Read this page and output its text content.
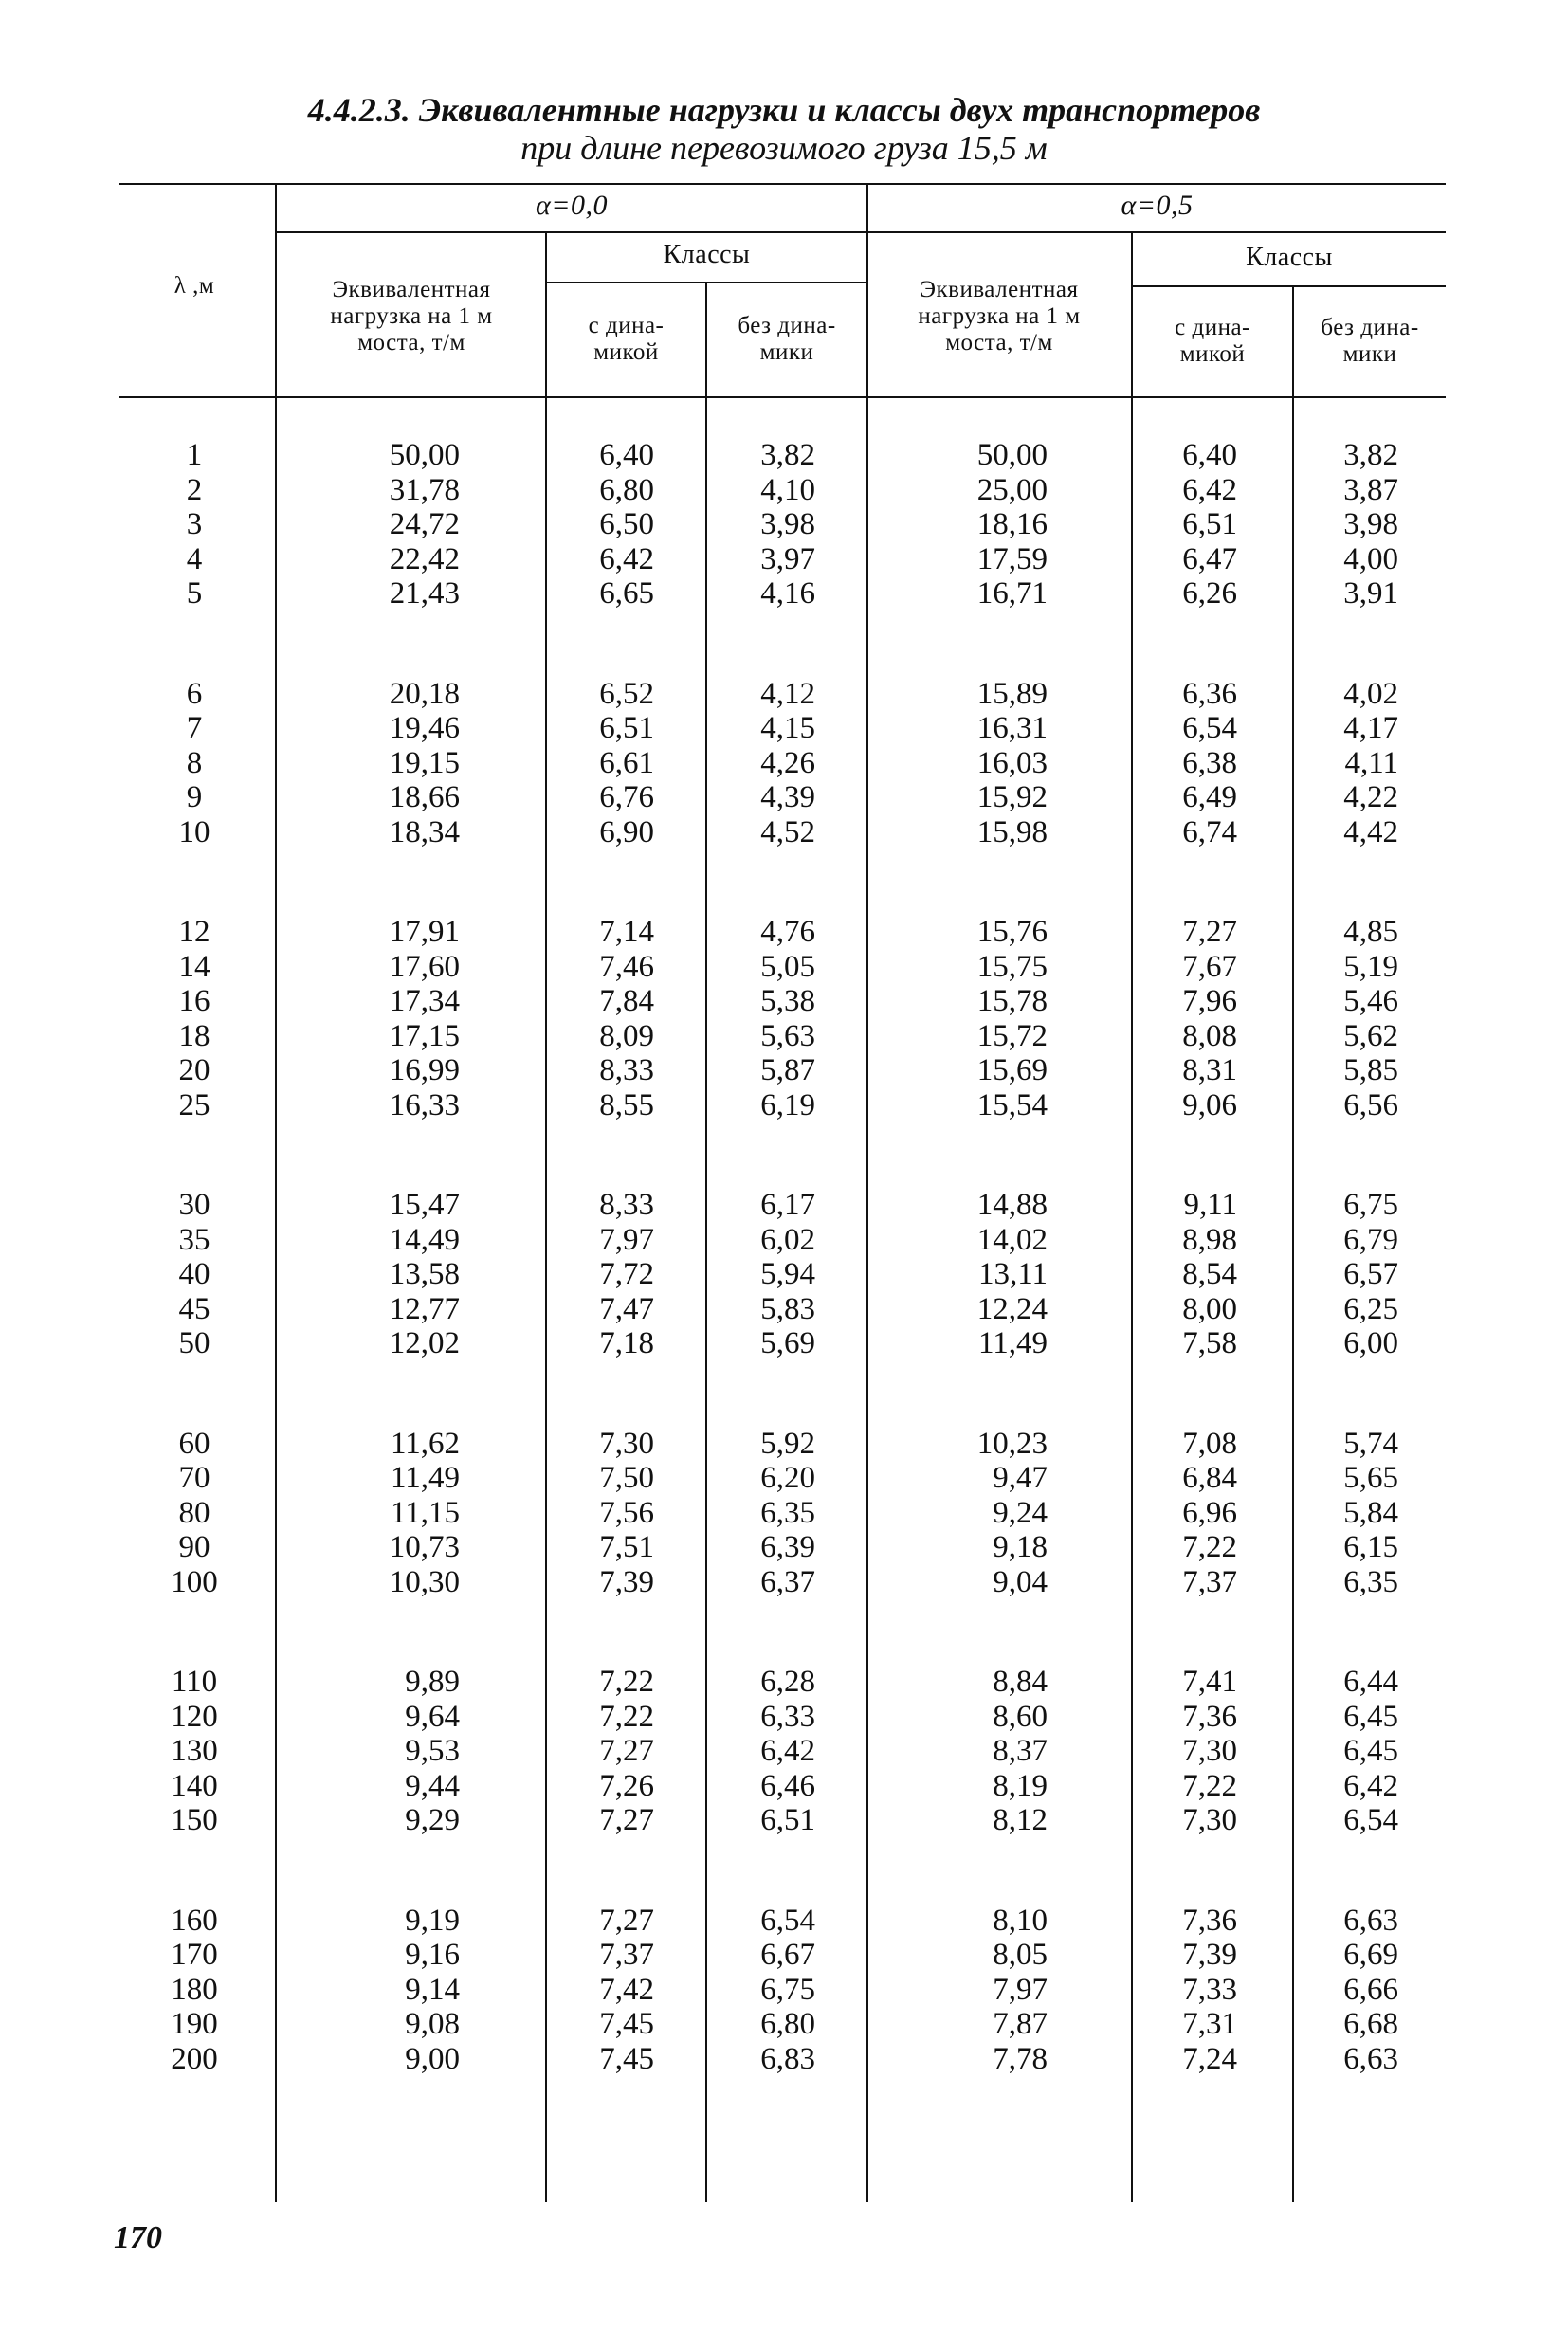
4.4.2.3. Эквивалентные нагрузки и классы двух транспортеров
при длине перевозимого груза 15,5 м
λ ,м
α=0,0	α=0,5
Эквивалентная
нагрузка на 1 м
моста, т/м
Эквивалентная
нагрузка на 1 м
моста, т/м
Классы	Классы
с дина-
микой
без дина-
мики
с дина-
микой
без дина-
мики
1
2
3
4
5
6
7
8
9
10
12
14
16
18
20
25
30
35
40
45
50
60
70
80
90
100
110
120
130
140
150
160
170
180
190
200
50,00
31,78
24,72
22,42
21,43
20,18
19,46
19,15
18,66
18,34
17,91
17,60
17,34
17,15
16,99
16,33
15,47
14,49
13,58
12,77
12,02
11,62
11,49
11,15
10,73
10,30
9,89
9,64
9,53
9,44
9,29
9,19
9,16
9,14
9,08
9,00
6,40
6,80
6,50
6,42
6,65
6,52
6,51
6,61
6,76
6,90
7,14
7,46
7,84
8,09
8,33
8,55
8,33
7,97
7,72
7,47
7,18
7,30
7,50
7,56
7,51
7,39
7,22
7,22
7,27
7,26
7,27
7,27
7,37
7,42
7,45
7,45
3,82
4,10
3,98
3,97
4,16
4,12
4,15
4,26
4,39
4,52
4,76
5,05
5,38
5,63
5,87
6,19
6,17
6,02
5,94
5,83
5,69
5,92
6,20
6,35
6,39
6,37
6,28
6,33
6,42
6,46
6,51
6,54
6,67
6,75
6,80
6,83
50,00
25,00
18,16
17,59
16,71
15,89
16,31
16,03
15,92
15,98
15,76
15,75
15,78
15,72
15,69
15,54
14,88
14,02
13,11
12,24
11,49
10,23
9,47
9,24
9,18
9,04
8,84
8,60
8,37
8,19
8,12
8,10
8,05
7,97
7,87
7,78
6,40
6,42
6,51
6,47
6,26
6,36
6,54
6,38
6,49
6,74
7,27
7,67
7,96
8,08
8,31
9,06
9,11
8,98
8,54
8,00
7,58
7,08
6,84
6,96
7,22
7,37
7,41
7,36
7,30
7,22
7,30
7,36
7,39
7,33
7,31
7,24
3,82
3,87
3,98
4,00
3,91
4,02
4,17
4,11
4,22
4,42
4,85
5,19
5,46
5,62
5,85
6,56
6,75
6,79
6,57
6,25
6,00
5,74
5,65
5,84
6,15
6,35
6,44
6,45
6,45
6,42
6,54
6,63
6,69
6,66
6,68
6,63
170
